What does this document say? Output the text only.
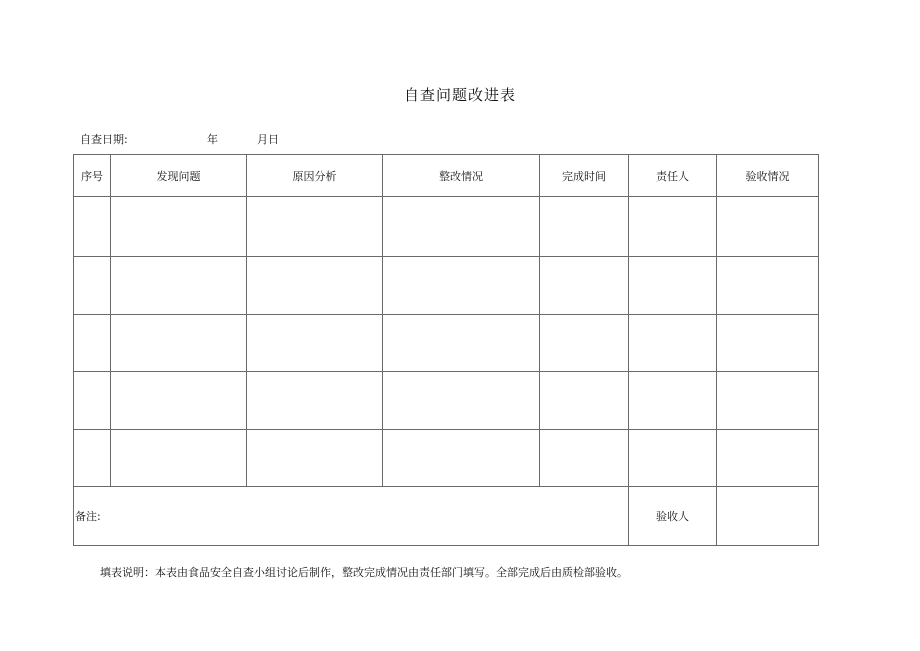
自查问题改进表
自查日期:	年	月日
序号	发现问题	原因分析	整改情况	完成时间	责任人	验收情况

备注:					验收人	
填表说明：本表由食品安全自查小组讨论后制作，整改完成情况由责任部门填写。全部完成后由质检部验收。
